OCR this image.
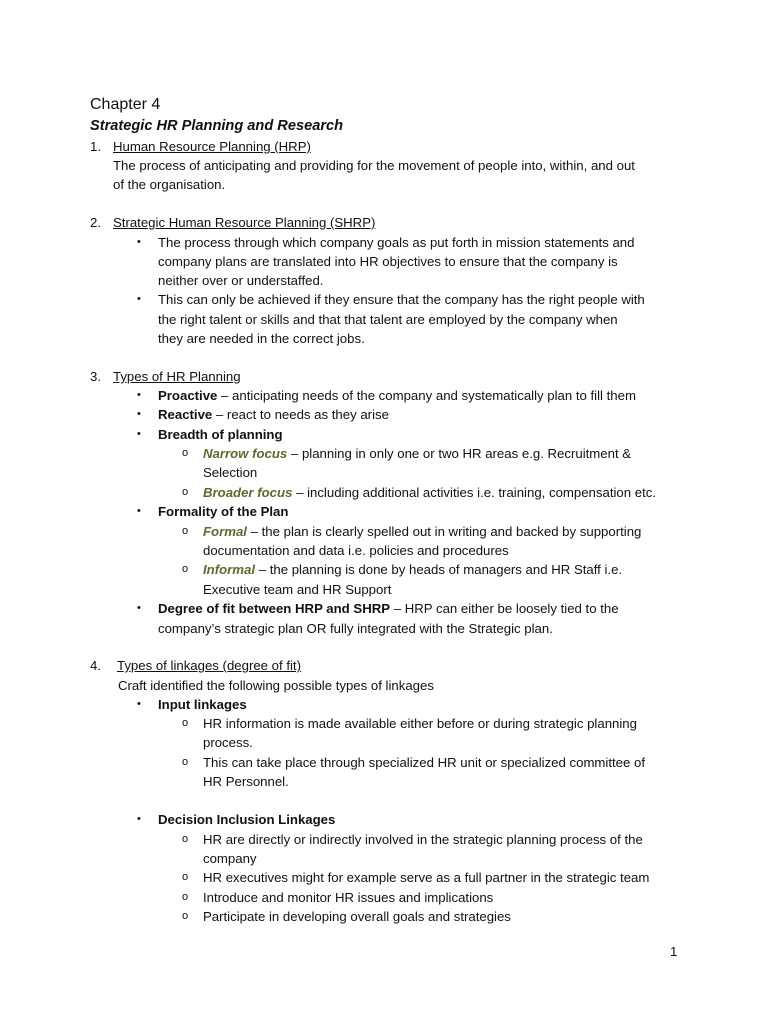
Chapter 4
Strategic HR Planning and Research
1. Human Resource Planning (HRP)
The process of anticipating and providing for the movement of people into, within, and out
of the organisation.
2. Strategic Human Resource Planning (SHRP)
• The process through which company goals as put forth in mission statements and
company plans are translated into HR objectives to ensure that the company is
neither over or understaffed.
• This can only be achieved if they ensure that the company has the right people with
the right talent or skills and that that talent are employed by the company when
they are needed in the correct jobs.
3. Types of HR Planning
• Proactive – anticipating needs of the company and systematically plan to fill them
• Reactive – react to needs as they arise
• Breadth of planning
o Narrow focus – planning in only one or two HR areas e.g. Recruitment &
Selection
o Broader focus – including additional activities i.e. training, compensation etc.
• Formality of the Plan
o Formal – the plan is clearly spelled out in writing and backed by supporting
documentation and data i.e. policies and procedures
o Informal – the planning is done by heads of managers and HR Staff i.e.
Executive team and HR Support
• Degree of fit between HRP and SHRP – HRP can either be loosely tied to the
company’s strategic plan OR fully integrated with the Strategic plan.
4. Types of linkages (degree of fit)
Craft identified the following possible types of linkages
• Input linkages
o HR information is made available either before or during strategic planning
process.
o This can take place through specialized HR unit or specialized committee of
HR Personnel.
• Decision Inclusion Linkages
o HR are directly or indirectly involved in the strategic planning process of the
company
o HR executives might for example serve as a full partner in the strategic team
o Introduce and monitor HR issues and implications
o Participate in developing overall goals and strategies
1
